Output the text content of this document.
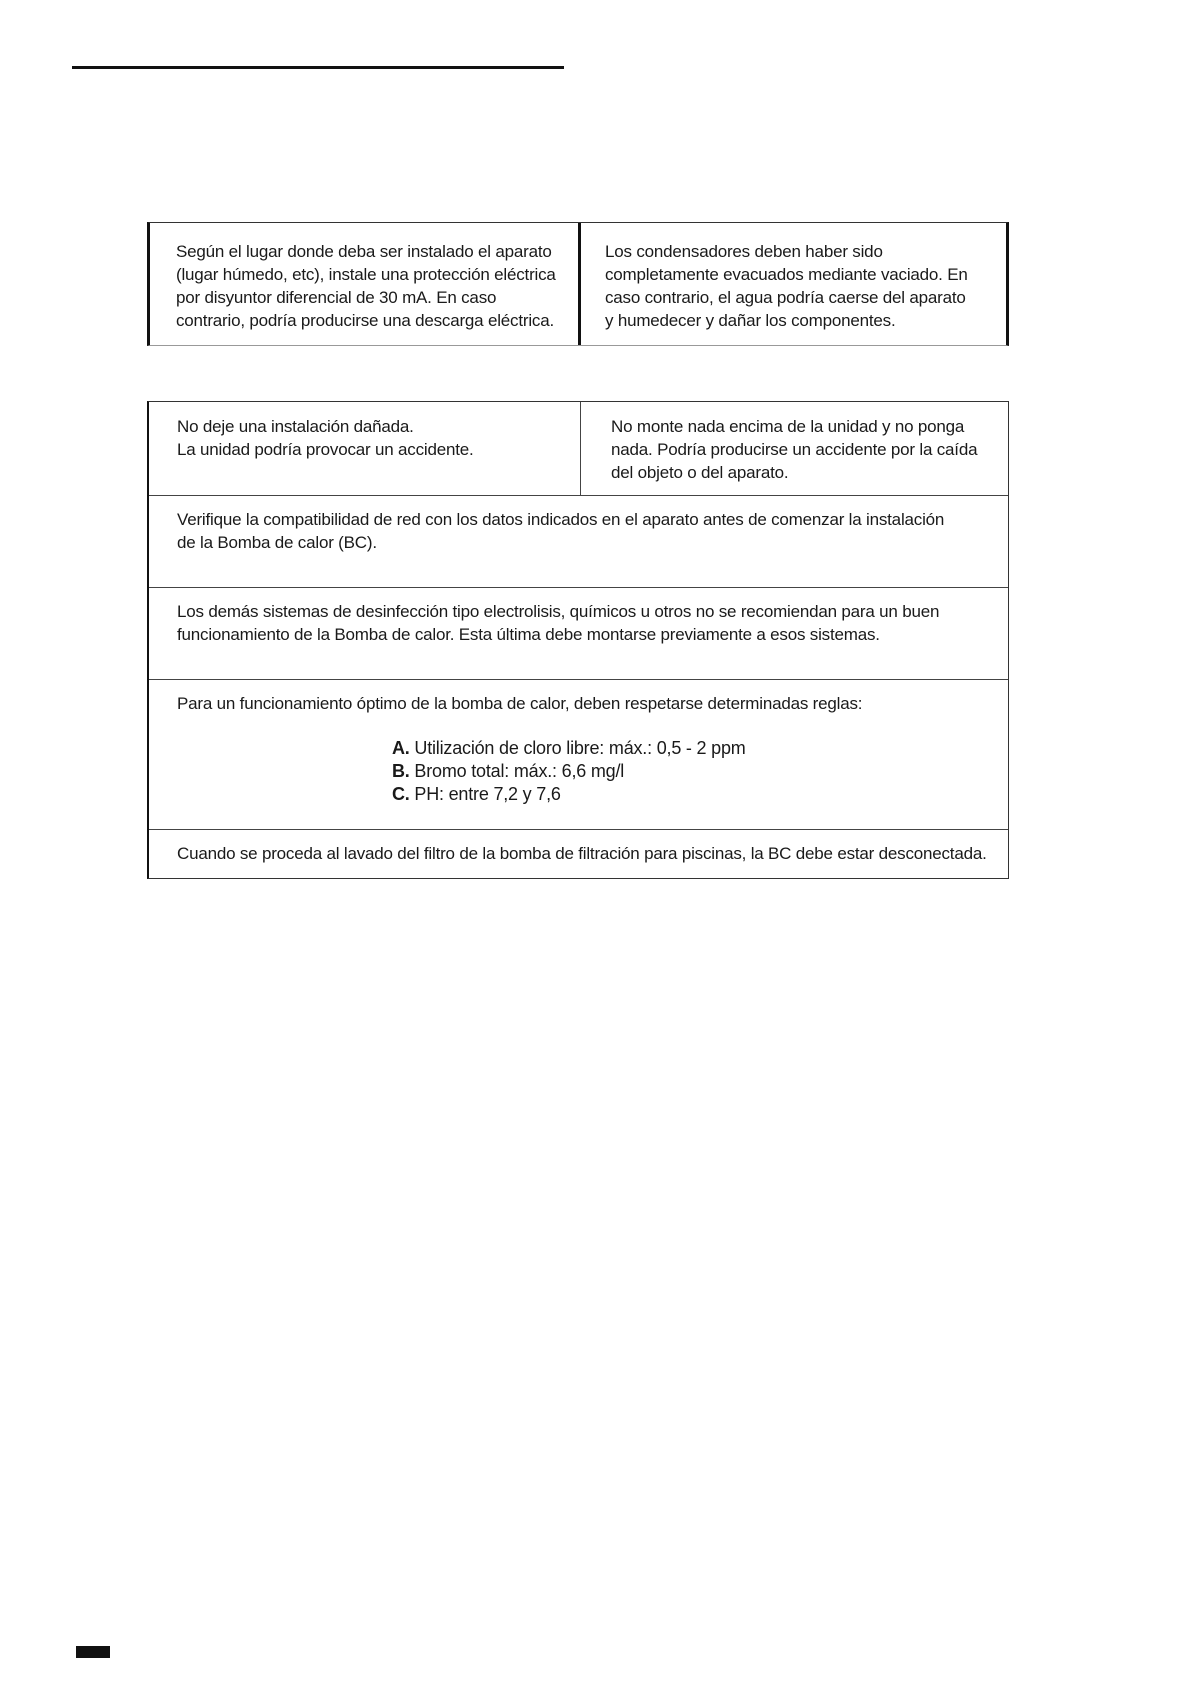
Según el lugar donde deba ser instalado el aparato
(lugar húmedo, etc), instale una protección eléctrica
por disyuntor diferencial de 30 mA. En caso
contrario, podría producirse una descarga eléctrica.
Los condensadores deben haber sido
completamente evacuados mediante vaciado. En
caso contrario, el agua podría caerse del aparato
y humedecer y dañar los componentes.
No deje una instalación dañada.
La unidad podría provocar un accidente.
No monte nada encima de la unidad y no ponga
nada. Podría producirse un accidente por la caída
del objeto o del aparato.
Verifique la compatibilidad de red con los datos indicados en el aparato antes de comenzar la instalación
de la Bomba de calor (BC).
Los demás sistemas de desinfección tipo electrolisis, químicos u otros no se recomiendan para un buen
funcionamiento de la Bomba de calor. Esta última debe montarse previamente a esos sistemas.
Para un funcionamiento óptimo de la bomba de calor, deben respetarse determinadas reglas:
A. Utilización de cloro libre: máx.: 0,5 - 2 ppm
B. Bromo total: máx.: 6,6 mg/l
C. PH: entre 7,2 y 7,6
Cuando se proceda al lavado del filtro de la bomba de filtración para piscinas, la BC debe estar desconectada.
